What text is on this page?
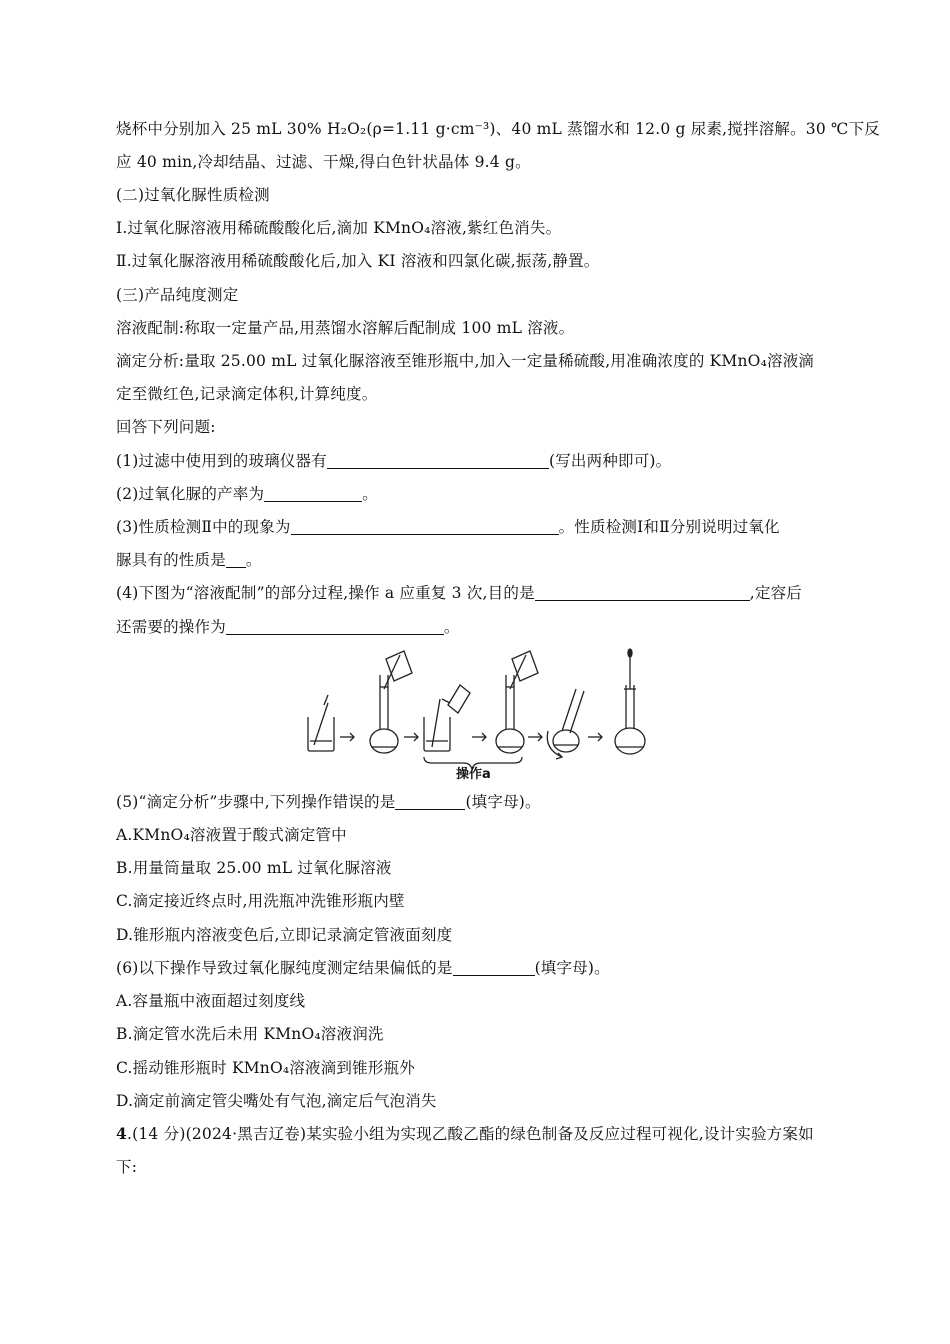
烧杯中分别加入 25 mL 30% H₂O₂(ρ=1.11 g·cm⁻³)、40 mL 蒸馏水和 12.0 g 尿素,搅拌溶解。30 ℃下反
应 40 min,冷却结晶、过滤、干燥,得白色针状晶体 9.4 g。
(二)过氧化脲性质检测
Ⅰ.过氧化脲溶液用稀硫酸酸化后,滴加 KMnO₄溶液,紫红色消失。
Ⅱ.过氧化脲溶液用稀硫酸酸化后,加入 KI 溶液和四氯化碳,振荡,静置。
(三)产品纯度测定
溶液配制:称取一定量产品,用蒸馏水溶解后配制成 100 mL 溶液。
滴定分析:量取 25.00 mL 过氧化脲溶液至锥形瓶中,加入一定量稀硫酸,用准确浓度的 KMnO₄溶液滴
定至微红色,记录滴定体积,计算纯度。
回答下列问题:
(1)过滤中使用到的玻璃仪器有	(写出两种即可)。
(2)过氧化脲的产率为	。
(3)性质检测Ⅱ中的现象为	。性质检测Ⅰ和Ⅱ分别说明过氧化
脲具有的性质是 。
(4)下图为“溶液配制”的部分过程,操作 a 应重复 3 次,目的是	,定容后
还需要的操作为	。
操作a
(5)“滴定分析”步骤中,下列操作错误的是	(填字母)。
A.KMnO₄溶液置于酸式滴定管中
B.用量筒量取 25.00 mL 过氧化脲溶液
C.滴定接近终点时,用洗瓶冲洗锥形瓶内壁
D.锥形瓶内溶液变色后,立即记录滴定管液面刻度
(6)以下操作导致过氧化脲纯度测定结果偏低的是	(填字母)。
A.容量瓶中液面超过刻度线
B.滴定管水洗后未用 KMnO₄溶液润洗
C.摇动锥形瓶时 KMnO₄溶液滴到锥形瓶外
D.滴定前滴定管尖嘴处有气泡,滴定后气泡消失
4.(14 分)(2024·黑吉辽卷)某实验小组为实现乙酸乙酯的绿色制备及反应过程可视化,设计实验方案如
下:
